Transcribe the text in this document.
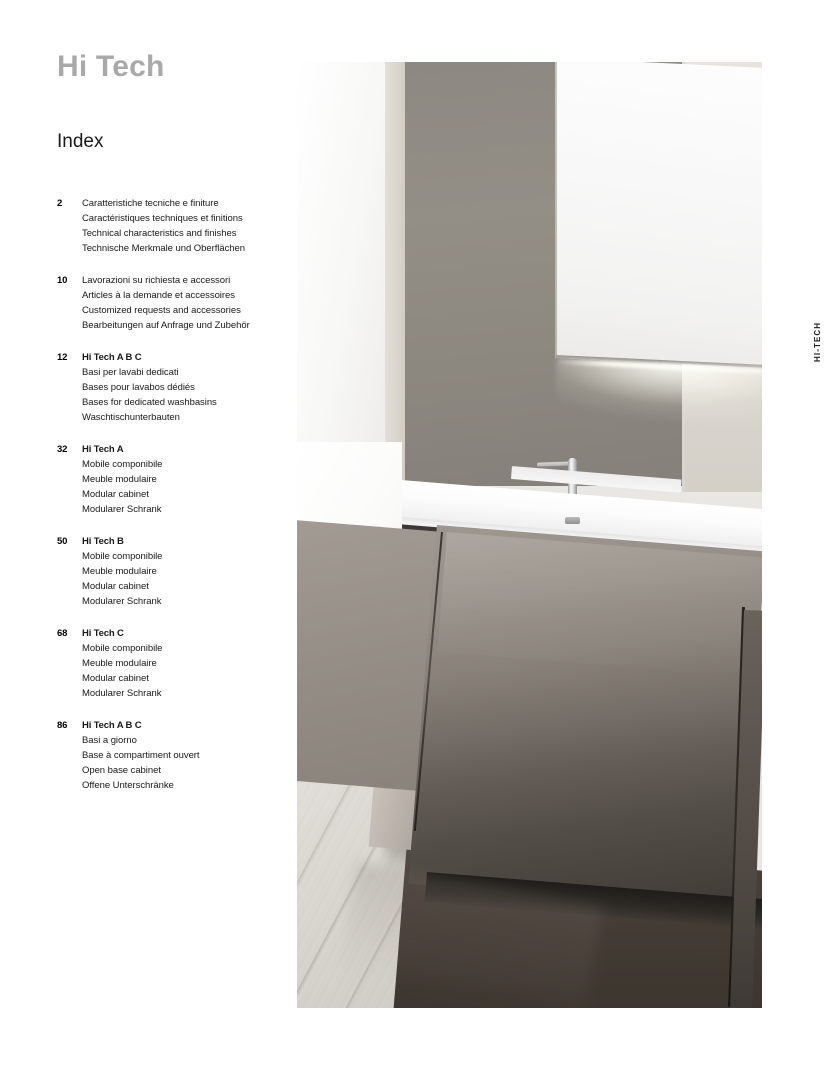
Hi Tech
Index
2 Caratteristiche tecniche e finiture
Caractéristiques techniques et finitions
Technical characteristics and finishes
Technische Merkmale und Oberflächen
10 Lavorazioni su richiesta e accessori
Articles à la demande et accessoires
Customized requests and accessories
Bearbeitungen auf Anfrage und Zubehör
12 Hi Tech A B C
Basi per lavabi dedicati
Bases pour lavabos dédiés
Bases for dedicated washbasins
Waschtischunterbauten
32 Hi Tech A
Mobile componibile
Meuble modulaire
Modular cabinet
Modularer Schrank
50 Hi Tech B
Mobile componibile
Meuble modulaire
Modular cabinet
Modularer Schrank
68 Hi Tech C
Mobile componibile
Meuble modulaire
Modular cabinet
Modularer Schrank
86 Hi Tech A B C
Basi a giorno
Base à compartiment ouvert
Open base cabinet
Offene Unterschränke
HI-TECH
